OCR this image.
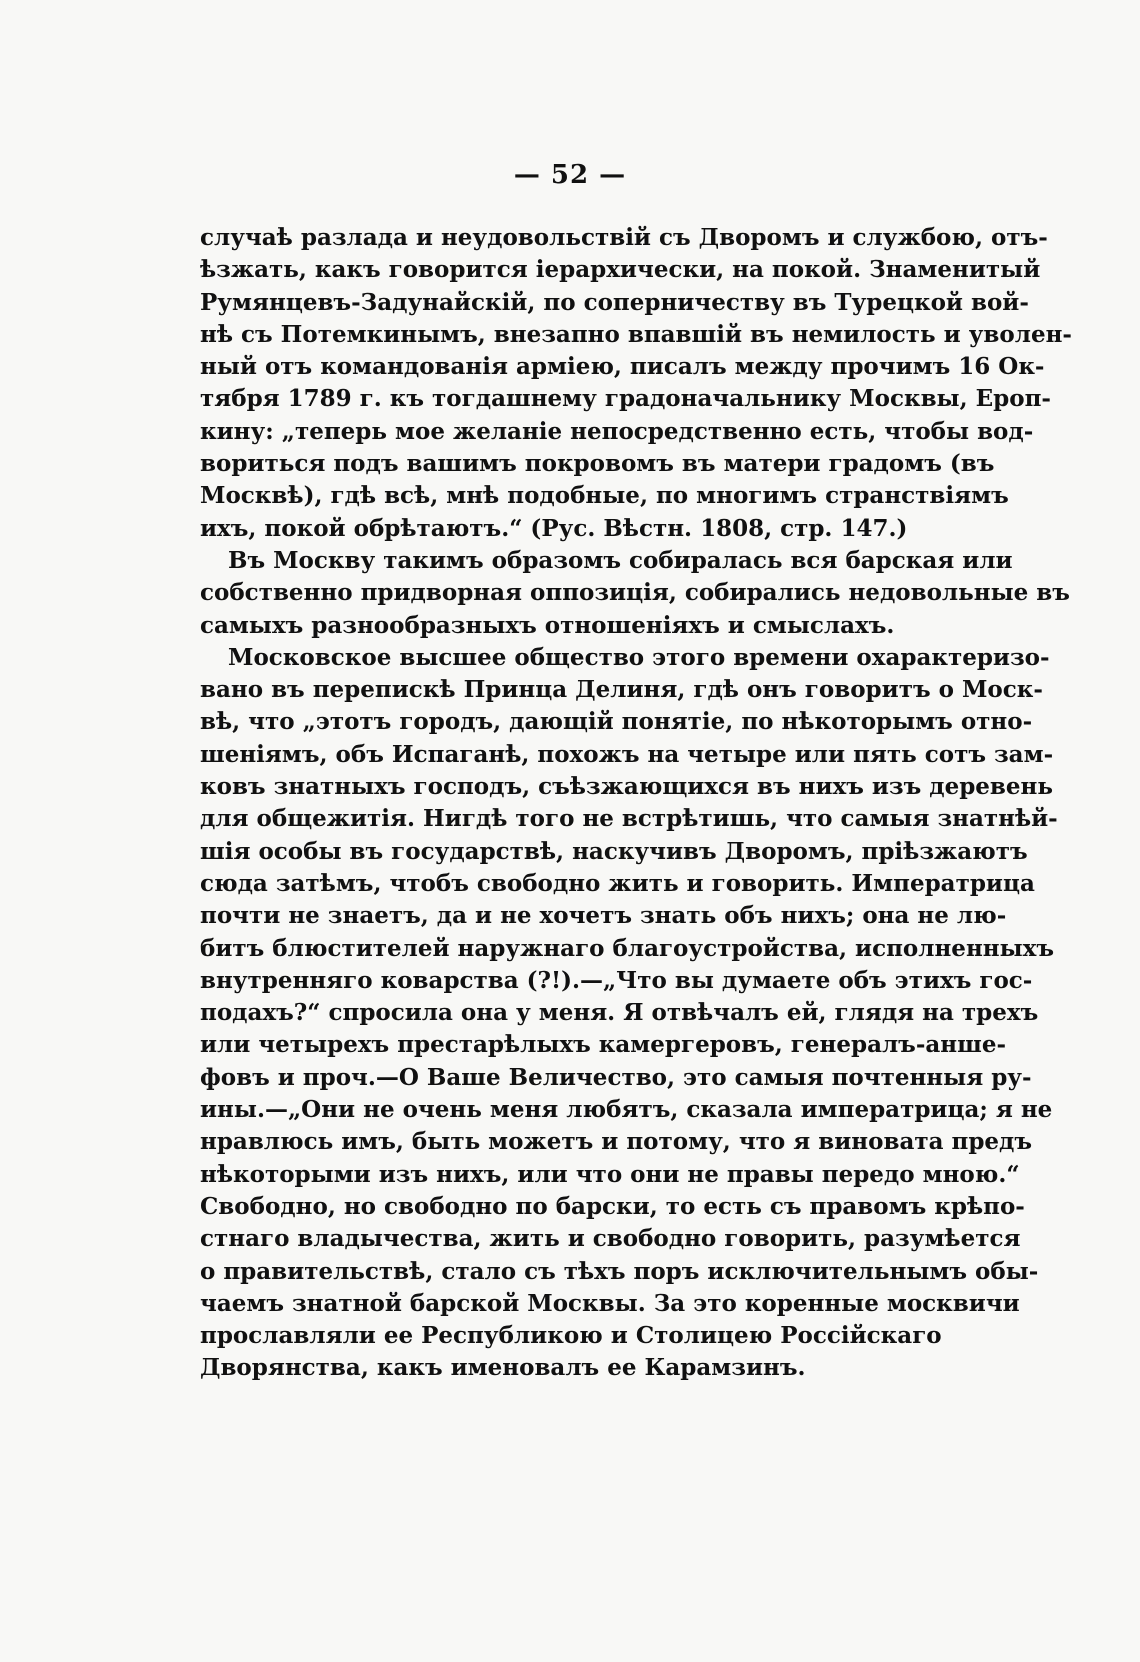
— 52 —
случаѣ разлада и неудовольствій съ Дворомъ и службою, отъ-
ѣзжать, какъ говорится іерархически, на покой. Знаменитый
Румянцевъ-Задунайскій, по соперничеству въ Турецкой вой-
нѣ съ Потемкинымъ, внезапно впавшій въ немилость и уволен-
ный отъ командованія арміею, писалъ между прочимъ 16 Ок-
тября 1789 г. къ тогдашнему градоначальнику Москвы, Ероп-
кину: „теперь мое желаніе непосредственно есть, чтобы вод-
вориться подъ вашимъ покровомъ въ матери градомъ (въ
Москвѣ), гдѣ всѣ, мнѣ подобные, по многимъ странствіямъ
ихъ, покой обрѣтаютъ.“ (Рус. Вѣстн. 1808, стр. 147.)
Въ Москву такимъ образомъ собиралась вся барская или
собственно придворная оппозиція, собирались недовольные въ
самыхъ разнообразныхъ отношеніяхъ и смыслахъ.
Московское высшее общество этого времени охарактеризо-
вано въ перепискѣ Принца Делиня, гдѣ онъ говоритъ о Моск-
вѣ, что „этотъ городъ, дающій понятіе, по нѣкоторымъ отно-
шеніямъ, объ Испаганѣ, похожъ на четыре или пять сотъ зам-
ковъ знатныхъ господъ, съѣзжающихся въ нихъ изъ деревень
для общежитія. Нигдѣ того не встрѣтишь, что самыя знатнѣй-
шія особы въ государствѣ, наскучивъ Дворомъ, пріѣзжаютъ
сюда затѣмъ, чтобъ свободно жить и говорить. Императрица
почти не знаетъ, да и не хочетъ знать объ нихъ; она не лю-
битъ блюстителей наружнаго благоустройства, исполненныхъ
внутренняго коварства (?!).—„Что вы думаете объ этихъ гос-
подахъ?“ спросила она у меня. Я отвѣчалъ ей, глядя на трехъ
или четырехъ престарѣлыхъ камергеровъ, генералъ-аншe-
фовъ и проч.—О Ваше Величество, это самыя почтенныя ру-
ины.—„Они не очень меня любятъ, сказала императрица; я не
нравлюсь имъ, быть можетъ и потому, что я виновата предъ
нѣкоторыми изъ нихъ, или что они не правы передо мною.“
Свободно, но свободно по барски, то есть съ правомъ крѣпо-
стнаго владычества, жить и свободно говорить, разумѣется
о правительствѣ, стало съ тѣхъ поръ исключительнымъ обы-
чаемъ знатной барской Москвы. За это коренные москвичи
прославляли ее Республикою и Столицею Россійскаго
Дворянства, какъ именовалъ ее Карамзинъ.
